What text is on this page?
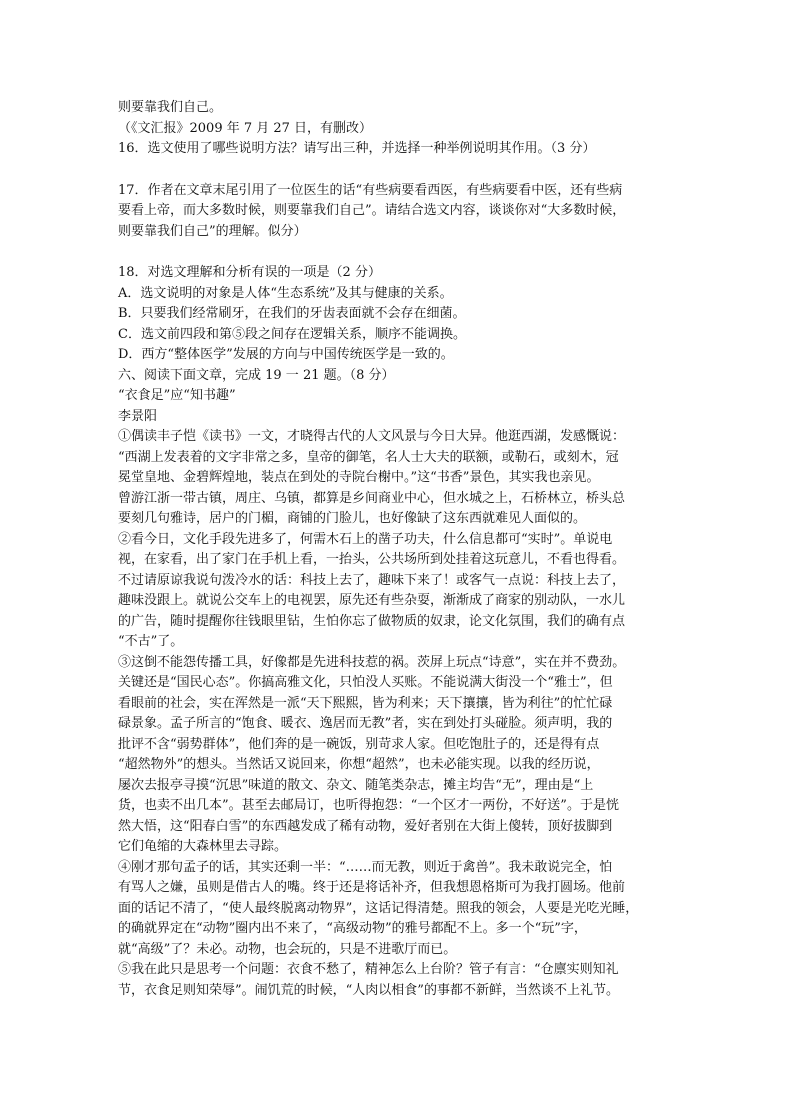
则要靠我们自己。
（《文汇报》2009 年 7 月 27 日，有删改）
16．选文使用了哪些说明方法？请写出三种，并选择一种举例说明其作用。（3 分）
17．作者在文章末尾引用了一位医生的话“有些病要看西医，有些病要看中医，还有些病
要看上帝，而大多数时候，则要靠我们自己”。请结合选文内容，谈谈你对“大多数时候，
则要靠我们自己”的理解。似分）
18．对选文理解和分析有误的一项是（2 分）
A．选文说明的对象是人体“生态系统”及其与健康的关系。
B．只要我们经常刷牙，在我们的牙齿表面就不会存在细菌。
C．选文前四段和第⑤段之间存在逻辑关系，顺序不能调换。
D．西方“整体医学”发展的方向与中国传统医学是一致的。
六、阅读下面文章，完成 19 一 21 题。（8 分）
“衣食足”应“知书趣”
李景阳
①偶读丰子恺《读书》一文，才晓得古代的人文风景与今日大异。他逛西湖，发感慨说：
“西湖上发表着的文字非常之多，皇帝的御笔，名人士大夫的联额，或勒石，或刻木，冠
冕堂皇地、金碧辉煌地，装点在到处的寺院台榭中。”这“书香”景色，其实我也亲见。
曾游江浙一带古镇，周庄、乌镇，都算是乡间商业中心，但水城之上，石桥林立，桥头总
要刻几句雅诗，居户的门楣，商铺的门脸儿，也好像缺了这东西就难见人面似的。
②看今日，文化手段先进多了，何需木石上的凿子功夫，什么信息都可“实时”。单说电
视，在家看，出了家门在手机上看，一抬头，公共场所到处挂着这玩意儿，不看也得看。
不过请原谅我说句泼冷水的话：科技上去了，趣味下来了！或客气一点说：科技上去了，
趣味没跟上。就说公交车上的电视罢，原先还有些杂耍，渐渐成了商家的别动队，一水儿
的广告，随时提醒你往钱眼里钻，生怕你忘了做物质的奴隶，论文化氛围，我们的确有点
“不古”了。
③这倒不能怨传播工具，好像都是先进科技惹的祸。茨屏上玩点“诗意”，实在并不费劲。
关键还是“国民心态”。你搞高雅文化，只怕没人买账。不能说满大街没一个“雅士”，但
看眼前的社会，实在浑然是一派“天下熙熙，皆为利来；天下攘攘，皆为利往”的忙忙碌
碌景象。孟子所言的“饱食、暖衣、逸居而无教”者，实在到处打头碰脸。须声明，我的
批评不含“弱势群体”，他们奔的是一碗饭，别苛求人家。但吃饱肚子的，还是得有点
“超然物外”的想头。当然话又说回来，你想“超然”，也未必能实现。以我的经历说，
屡次去报亭寻摸“沉思”味道的散文、杂文、随笔类杂志，摊主均告“无”，理由是“上
货，也卖不出几本”。甚至去邮局订，也听得抱怨：“一个区才一两份，不好送”。于是恍
然大悟，这“阳春白雪”的东西越发成了稀有动物，爱好者别在大街上傻转，顶好拔脚到
它们龟缩的大森林里去寻踪。
④刚才那句孟子的话，其实还剩一半：“……而无教，则近于禽兽”。我未敢说完全，怕
有骂人之嫌，虽则是借古人的嘴。终于还是将话补齐，但我想恩格斯可为我打圆场。他前
面的话记不清了，“使人最终脱离动物界”，这话记得清楚。照我的领会，人要是光吃光睡，
的确就界定在“动物”圈内出不来了，“高级动物”的雅号都配不上。多一个“玩”字，
就“高级”了？未必。动物，也会玩的，只是不进歌厅而已。
⑤我在此只是思考一个问题：衣食不愁了，精神怎么上台阶？管子有言：“仓廪实则知礼
节，衣食足则知荣辱”。闹饥荒的时候，“人肉以相食”的事都不新鲜，当然谈不上礼节。
